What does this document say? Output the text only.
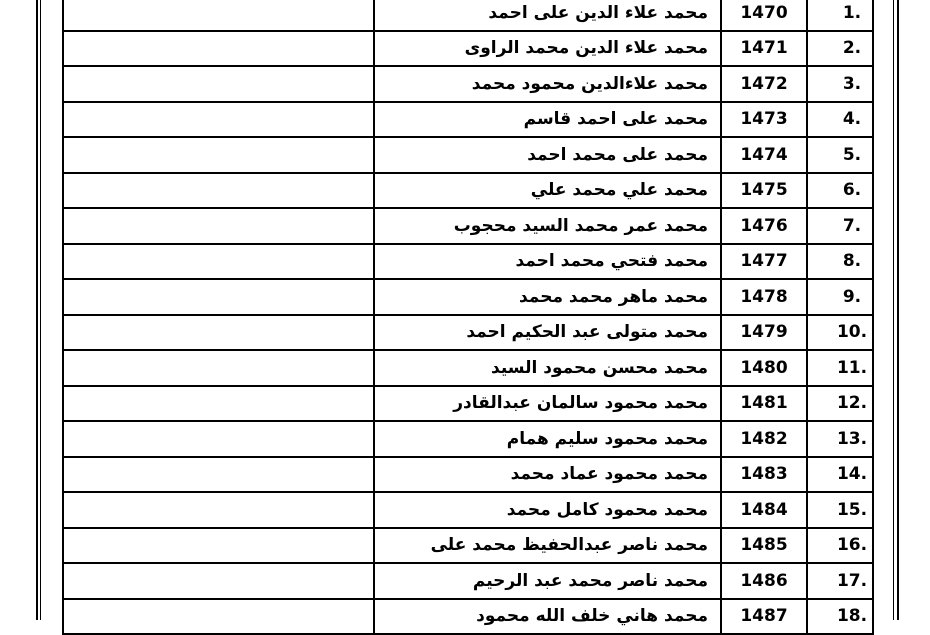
	محمد علاء الدين على احمد	1470	1.
	محمد علاء الدين محمد الراوى	1471	2.
	محمد علاءالدين محمود محمد	1472	3.
	محمد على احمد قاسم	1473	4.
	محمد على محمد احمد	1474	5.
	محمد علي محمد علي	1475	6.
	محمد عمر محمد السيد محجوب	1476	7.
	محمد فتحي محمد احمد	1477	8.
	محمد ماهر محمد محمد	1478	9.
	محمد متولى عبد الحكيم احمد	1479	10.
	محمد محسن محمود السيد	1480	11.
	محمد محمود سالمان عبدالقادر	1481	12.
	محمد محمود سليم همام	1482	13.
	محمد محمود عماد محمد	1483	14.
	محمد محمود كامل محمد	1484	15.
	محمد ناصر عبدالحفيظ محمد على	1485	16.
	محمد ناصر محمد عبد الرحيم	1486	17.
	محمد هاني خلف الله محمود	1487	18.
